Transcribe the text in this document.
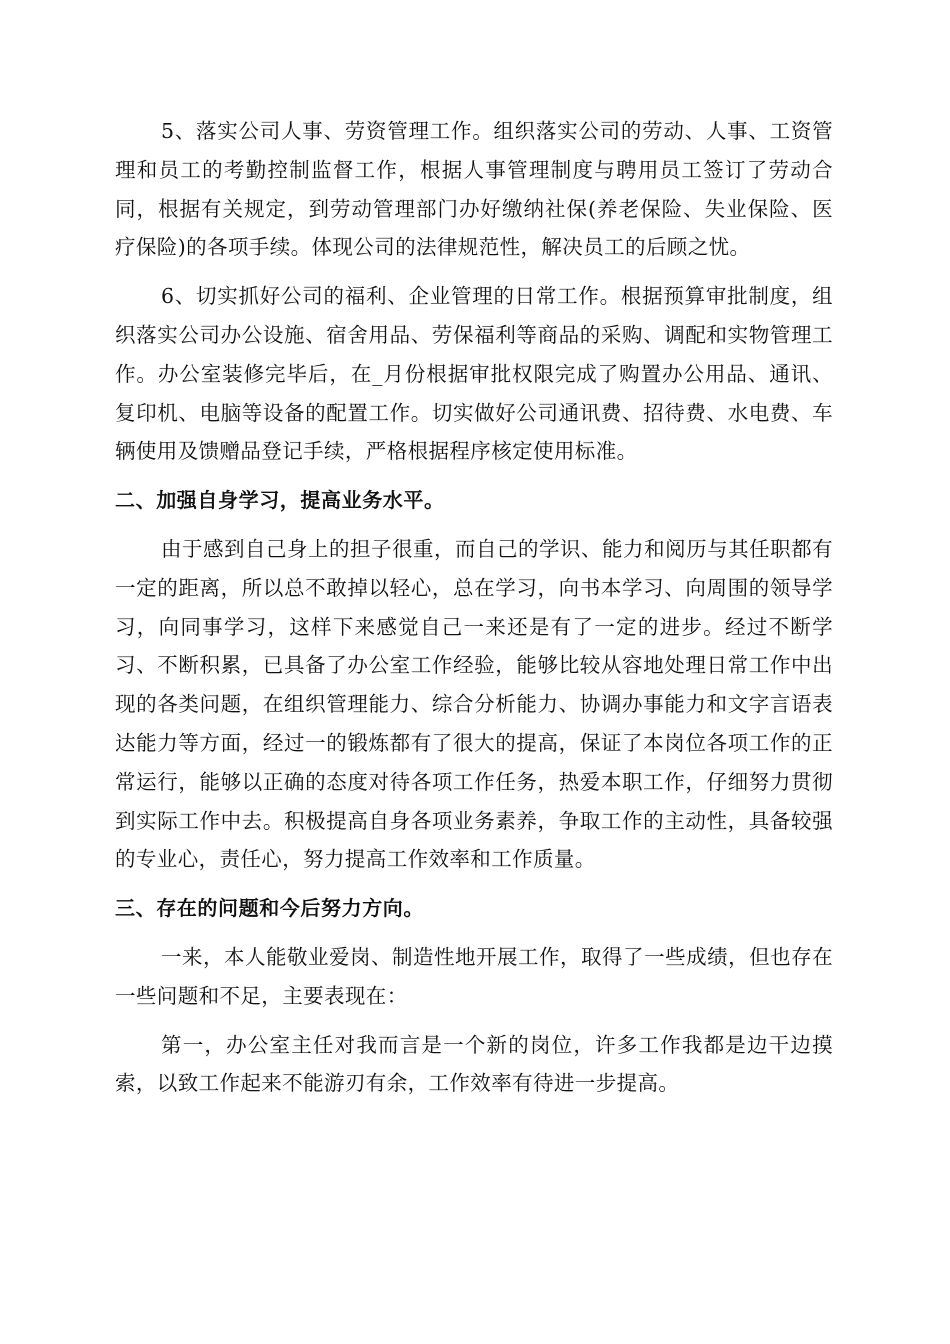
5、落实公司人事、劳资管理工作。组织落实公司的劳动、人事、工资管理和员工的考勤控制监督工作，根据人事管理制度与聘用员工签订了劳动合同，根据有关规定，到劳动管理部门办好缴纳社保(养老保险、失业保险、医疗保险)的各项手续。体现公司的法律规范性，解决员工的后顾之忧。

6、切实抓好公司的福利、企业管理的日常工作。根据预算审批制度，组织落实公司办公设施、宿舍用品、劳保福利等商品的采购、调配和实物管理工作。办公室装修完毕后，在_月份根据审批权限完成了购置办公用品、通讯、复印机、电脑等设备的配置工作。切实做好公司通讯费、招待费、水电费、车辆使用及馈赠品登记手续，严格根据程序核定使用标准。

二、加强自身学习，提高业务水平。

由于感到自己身上的担子很重，而自己的学识、能力和阅历与其任职都有一定的距离，所以总不敢掉以轻心，总在学习，向书本学习、向周围的领导学习，向同事学习，这样下来感觉自己一来还是有了一定的进步。经过不断学习、不断积累，已具备了办公室工作经验，能够比较从容地处理日常工作中出现的各类问题，在组织管理能力、综合分析能力、协调办事能力和文字言语表达能力等方面，经过一的锻炼都有了很大的提高，保证了本岗位各项工作的正常运行，能够以正确的态度对待各项工作任务，热爱本职工作，仔细努力贯彻到实际工作中去。积极提高自身各项业务素养，争取工作的主动性，具备较强的专业心，责任心，努力提高工作效率和工作质量。

三、存在的问题和今后努力方向。

一来，本人能敬业爱岗、制造性地开展工作，取得了一些成绩，但也存在一些问题和不足，主要表现在：

第一，办公室主任对我而言是一个新的岗位，许多工作我都是边干边摸索，以致工作起来不能游刃有余，工作效率有待进一步提高。
